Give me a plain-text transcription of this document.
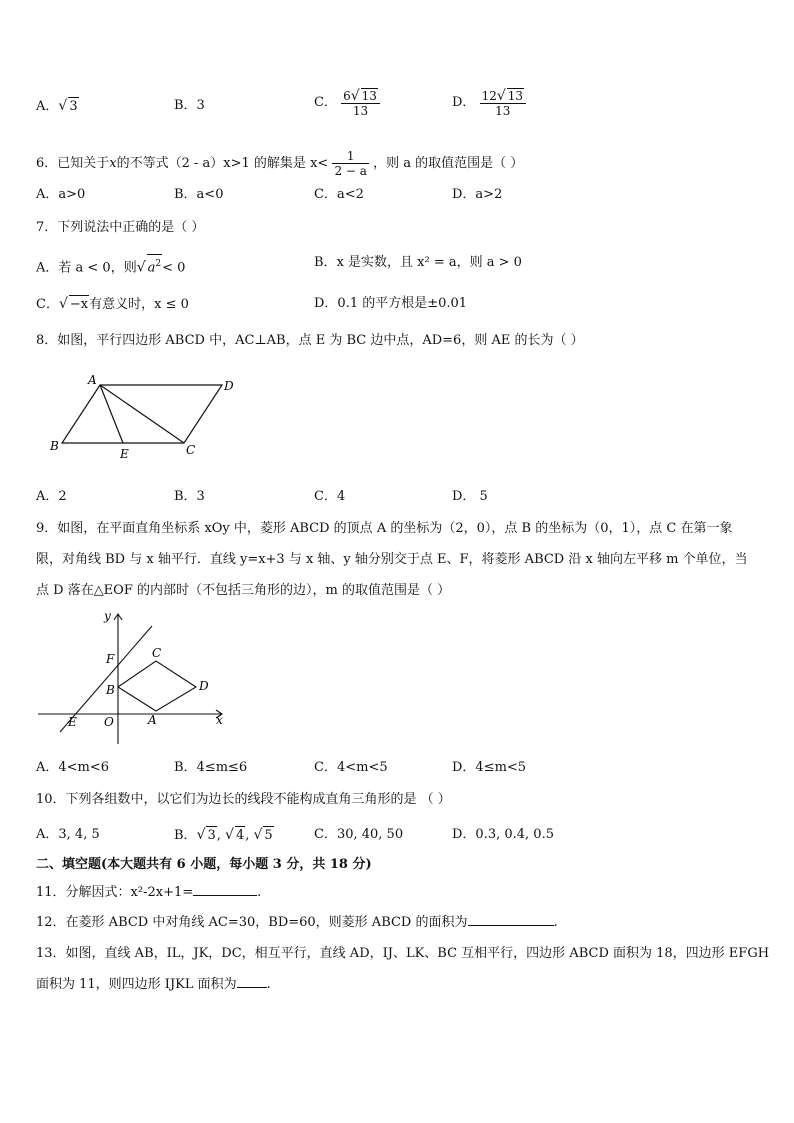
A．√ 3	B．3	C． $\frac{6√ 13}{13}$	D． $\frac{12√ 13}{13}$
6．已知关于x的不等式（2 - a）x>1 的解集是 $x< \frac{1}{2 - a}$ ，则 a 的取值范围是（ ）
A．a>0	B．a<0	C．a<2	D．a>2
7．下列说法中正确的是（ ）
A．若 a < 0，则√ $a^2< 0$	B．x 是实数，且 x² = a，则 a > 0
C．√ −x有意义时，x ≤ 0	D．0.1 的平方根是±0.01
8．如图，平行四边形 ABCD 中，AC⊥AB，点 E 为 BC 边中点，AD=6，则 AE 的长为（ ）
A	D
B
E	C
A．2	B．3	C．4	D． 5
9．如图，在平面直角坐标系 xOy 中，菱形 ABCD 的顶点 A 的坐标为（2，0），点 B 的坐标为（0，1），点 C 在第一象
限，对角线 BD 与 x 轴平行．直线 y=x+3 与 x 轴、y 轴分别交于点 E、F，将菱形 ABCD 沿 x 轴向左平移 m 个单位，当
点 D 落在△EOF 的内部时（不包括三角形的边），m 的取值范围是（ ）
y
x
F	C
B	D
E O	A
A．4<m<6	B．4≤m≤6	C．4<m<5	D．4≤m<5
10．下列各组数中，以它们为边长的线段不能构成直角三角形的是 （ ）
A．3, 4, 5	B．√ 3, √ 4, √ 5	C．30, 40, 50	D．0.3, 0.4, 0.5
二、填空题(本大题共有 6 小题，每小题 3 分，共 18 分)
11．分解因式：x²-2x+1=	.
12．在菱形 ABCD 中对角线 AC=30，BD=60，则菱形 ABCD 的面积为	.
13．如图，直线 AB，IL，JK，DC，相互平行，直线 AD，IJ、LK、BC 互相平行，四边形 ABCD 面积为 18，四边形 EFGH
面积为 11，则四边形 IJKL 面积为 .
